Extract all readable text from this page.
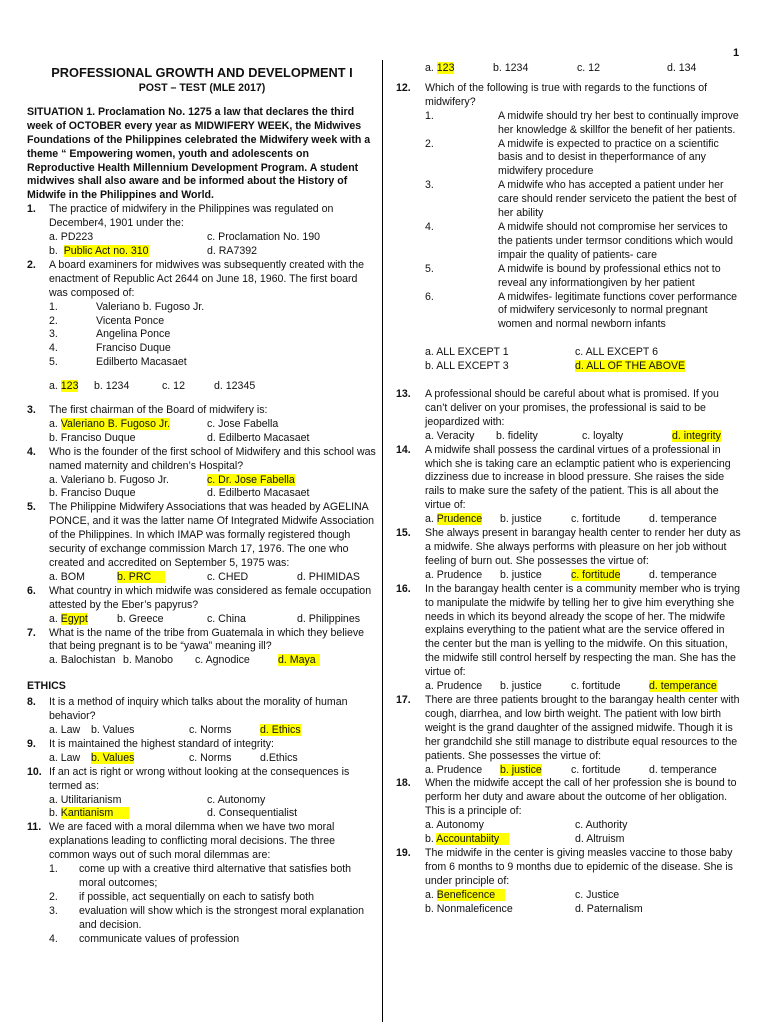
1
PROFESSIONAL GROWTH AND DEVELOPMENT I
POST – TEST (MLE 2017)
SITUATION 1. Proclamation No. 1275 a law that declares the third week of OCTOBER every year as MIDWIFERY WEEK, the Midwives Foundations of the Philippines celebrated the Midwifery week with a theme “ Empowering women, youth and adolescents on Reproductive Health Millennium Development Program. A student midwives shall also aware and be informed about the History of Midwife in the Philippines and World.
1.	The practice of midwifery in the Philippines was regulated on December4, 1901 under the:
a. PD223	c. Proclamation No. 190
b.  Public Act no. 310	d. RA7392
2.	A board examiners for midwives was subsequently created with the enactment of Republic Act 2644 on June 18, 1960. The first board was composed of:
1.	Valeriano b. Fugoso Jr.
2.	Vicenta Ponce
3.	Angelina Ponce
4.	Franciso Duque
5.	Edilberto Macasaet
a. 123	b. 1234	c. 12	d. 12345
3.	The first chairman of the Board of midwifery is:
a. Valeriano B. Fugoso Jr.	c. Jose Fabella
b. Franciso Duque	d. Edilberto Macasaet
4.	Who is the founder of the first school of Midwifery and this school was named maternity and children’s Hospital?
a. Valeriano b. Fugoso Jr.	c. Dr. Jose Fabella
b. Franciso Duque	d. Edilberto Macasaet
5.	The Philippine Midwifery Associations that was headed by AGELINA PONCE, and it was the latter name Of Integrated Midwife Association of the Philippines. In which IMAP was formally registered though security of exchange commission March 17, 1976. The one who created and accredited on September 5, 1975 was:
a. BOM	b. PRC	c. CHED	d. PHIMIDAS
6.	What country in which midwife was considered as female occupation attested by the Eber’s papyrus?
a. Egypt	b. Greece	c. China	d. Philippines
7.	What is the name of the tribe from Guatemala in which they believe that being pregnant is to be “yawa” meaning ill?
a. Balochistan b. Manobo	c. Agnodice	d. Maya
ETHICS
8.	It is a method of inquiry which talks about the morality of human behavior?
a. Law	b. Values	c. Norms	d. Ethics
9.	It is maintained the highest standard of integrity:
a. Law	b. Values	c. Norms	d.Ethics
10. If an act is right or wrong without looking at the consequences is termed as:
a. Utilitarianism	c. Autonomy
b. Kantianism	d. Consequentialist
11. We are faced with a moral dilemma when we have two moral explanations leading to conflicting moral decisions. The three common ways out of such moral dilemmas are:
1.	come up with a creative third alternative that satisfies both moral outcomes;
2.	if possible, act sequentially on each to satisfy both
3.	evaluation will show which is the strongest moral explanation and decision.
4.	communicate values of profession
a. 123	b. 1234	c. 12	d. 134
12.	Which of the following is true with regards to the functions of midwifery?
1.	A midwife should try her best to continually improve her knowledge & skillfor the benefit of her patients.
2.	A midwife is expected to practice on a scientific basis and to desist in theperformance of any midwifery procedure
3.	A midwife who has accepted a patient under her care should render serviceto the patient the best of her ability
4.	A midwife should not compromise her services to the patients under termsor conditions which would impair the quality of patients- care
5.	A midwife is bound by professional ethics not to reveal any informationgiven by her patient
6.	A midwifes- legitimate functions cover performance of midwifery servicesonly to normal pregnant women and normal newborn infants
a. ALL EXCEPT 1	c. ALL EXCEPT 6
b. ALL EXCEPT 3	d. ALL OF THE ABOVE
13.	A professional should be careful about what is promised. If you can’t deliver on your promises, the professional is said to be jeopardized with:
a. Veracity	b. fidelity	c. loyalty	d. integrity
14.	A midwife shall possess the cardinal virtues of a professional in which she is taking care an eclamptic patient who is experiencing dizziness due to increase in blood pressure. She raises the side rails to make sure the safety of the patient. This is all about the virtue of:
a. Prudence	b. justice	c. fortitude	d. temperance
15.	She always present in barangay health center to render her duty as a midwife. She always performs with pleasure on her job without feeling of burn out. She possesses the virtue of:
a. Prudence	b. justice	c. fortitude	d. temperance
16.	In the barangay health center is a community member who is trying to manipulate the midwife by telling her to give him everything she needs in which its beyond already the scope of her. The midwife explains everything to the patient what are the service offered in the center but the man is yelling to the midwife. On this situation, the midwife still control herself by respecting the man. She has the virtue of:
a. Prudence	b. justice	c. fortitude	d. temperance
17.	There are three patients brought to the barangay health center with cough, diarrhea, and low birth weight. The patient with low birth weight is the grand daughter of the assigned midwife. Though it is her grandchild she still manage to distribute equal resources to the patients. She possesses the virtue of:
a. Prudence	b. justice	c. fortitude	d. temperance
18.	When the midwife accept the call of her profession she is bound to perform her duty and aware about the outcome of her obligation. This is a principle of:
a. Autonomy	c. Authority
b. Accountabiity	d. Altruism
19.	The midwife in the center is giving measles vaccine to those baby from 6 months to 9 months due to epidemic of the disease. She is under principle of:
a. Beneficence	c. Justice
b. Nonmaleficence	d. Paternalism
